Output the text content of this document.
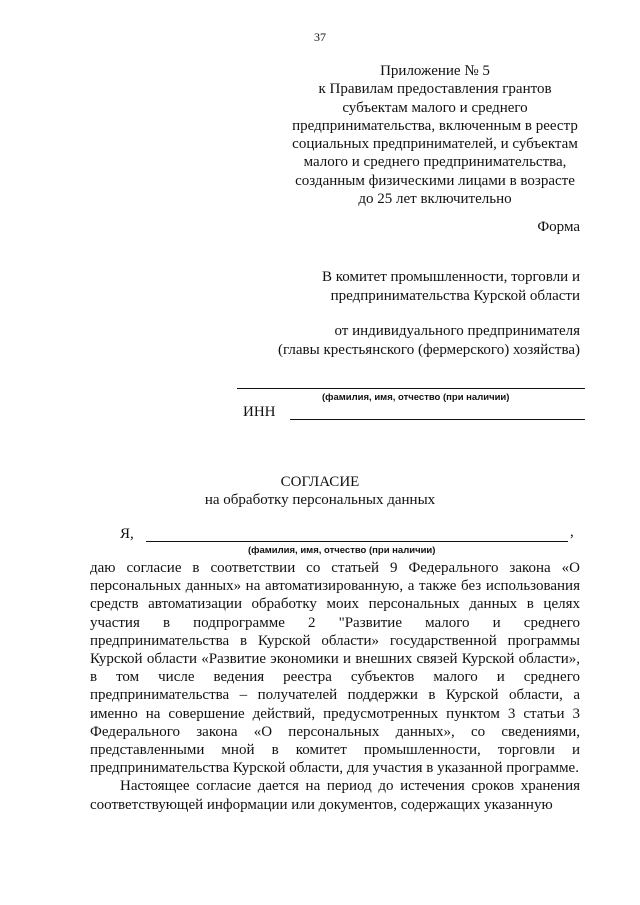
37
Приложение № 5
к Правилам предоставления грантов
субъектам малого и среднего
предпринимательства, включенным в реестр
социальных предпринимателей, и субъектам
малого и среднего предпринимательства,
созданным физическими лицами в возрасте
до 25 лет включительно
Форма
В комитет промышленности, торговли и
предпринимательства Курской области
от индивидуального предпринимателя
(главы крестьянского (фермерского) хозяйства)
(фамилия, имя, отчество (при наличии)
ИНН
СОГЛАСИЕ
на обработку персональных данных
Я,	,
(фамилия, имя, отчество (при наличии)

даю согласие в соответствии со статьей 9 Федерального закона «О персональных данных» на автоматизированную, а также без использования средств автоматизации обработку моих персональных данных в целях участия в подпрограмме 2 "Развитие малого и среднего предпринимательства в Курской области» государственной программы Курской области «Развитие экономики и внешних связей Курской области», в том числе ведения реестра субъектов малого и среднего предпринимательства – получателей поддержки в Курской области, а именно на совершение действий, предусмотренных пунктом 3 статьи 3 Федерального закона «О персональных данных», со сведениями, представленными мной в комитет промышленности, торговли и предпринимательства Курской области, для участия в указанной программе.

Настоящее согласие дается на период до истечения сроков хранения соответствующей информации или документов, содержащих указанную
